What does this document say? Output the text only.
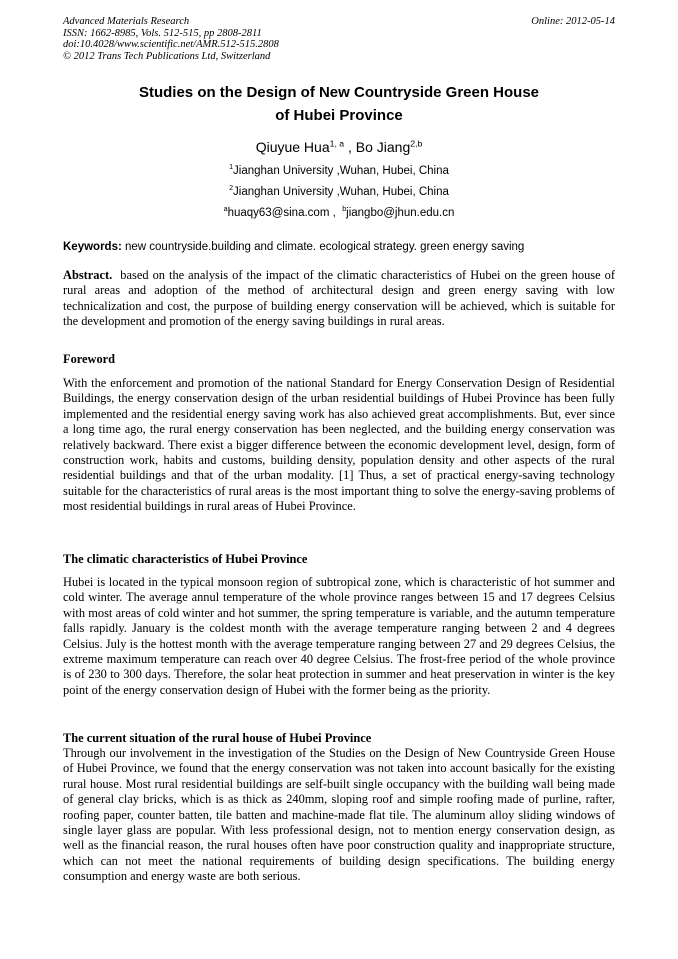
Advanced Materials Research
ISSN: 1662-8985, Vols. 512-515, pp 2808-2811
doi:10.4028/www.scientific.net/AMR.512-515.2808
© 2012 Trans Tech Publications Ltd, Switzerland
Online: 2012-05-14
Studies on the Design of New Countryside Green House
of Hubei Province
Qiuyue Hua$^{1, a}$ , Bo Jiang$^{2,b}$
$^1$Jianghan University ,Wuhan, Hubei, China
$^2$Jianghan University ,Wuhan, Hubei, China
$^a$huaqy63@sina.com ,  $^b$jiangbo@jhun.edu.cn
Keywords: new countryside.building and climate. ecological strategy. green energy saving
Abstract.  based on the analysis of the impact of the climatic characteristics of Hubei on the green house of rural areas and adoption of the method of architectural design and green energy saving with low technicalization and cost, the purpose of building energy conservation will be achieved, which is suitable for the development and promotion of the energy saving buildings in rural areas.
Foreword
With the enforcement and promotion of the national Standard for Energy Conservation Design of Residential Buildings, the energy conservation design of the urban residential buildings of Hubei Province has been fully implemented and the residential energy saving work has also achieved great accomplishments. But, ever since a long time ago, the rural energy conservation has been neglected, and the building energy conservation was relatively backward. There exist a bigger difference between the economic development level, design, form of construction work, habits and customs, building density, population density and other aspects of the rural residential buildings and that of the urban modality. [1] Thus, a set of practical energy-saving technology suitable for the characteristics of rural areas is the most important thing to solve the energy-saving problems of most residential buildings in rural areas of Hubei Province.
The climatic characteristics of Hubei Province
Hubei is located in the typical monsoon region of subtropical zone, which is characteristic of hot summer and cold winter. The average annul temperature of the whole province ranges between 15 and 17 degrees Celsius with most areas of cold winter and hot summer, the spring temperature is variable, and the autumn temperature falls rapidly. January is the coldest month with the average temperature ranging between 2 and 4 degrees Celsius. July is the hottest month with the average temperature ranging between 27 and 29 degrees Celsius, the extreme maximum temperature can reach over 40 degree Celsius. The frost-free period of the whole province is of 230 to 300 days. Therefore, the solar heat protection in summer and heat preservation in winter is the key point of the energy conservation design of Hubei with the former being as the priority.
The current situation of the rural house of Hubei Province
Through our involvement in the investigation of the Studies on the Design of New Countryside Green House of Hubei Province, we found that the energy conservation was not taken into account basically for the existing rural house. Most rural residential buildings are self-built single occupancy with the building wall being made of general clay bricks, which is as thick as 240mm, sloping roof and simple roofing made of purline, rafter, roofing paper, counter batten, tile batten and machine-made flat tile. The aluminum alloy sliding windows of single layer glass are popular. With less professional design, not to mention energy conservation design, as well as the financial reason, the rural houses often have poor construction quality and inappropriate structure, which can not meet the national requirements of building design specifications. The building energy consumption and energy waste are both serious.
